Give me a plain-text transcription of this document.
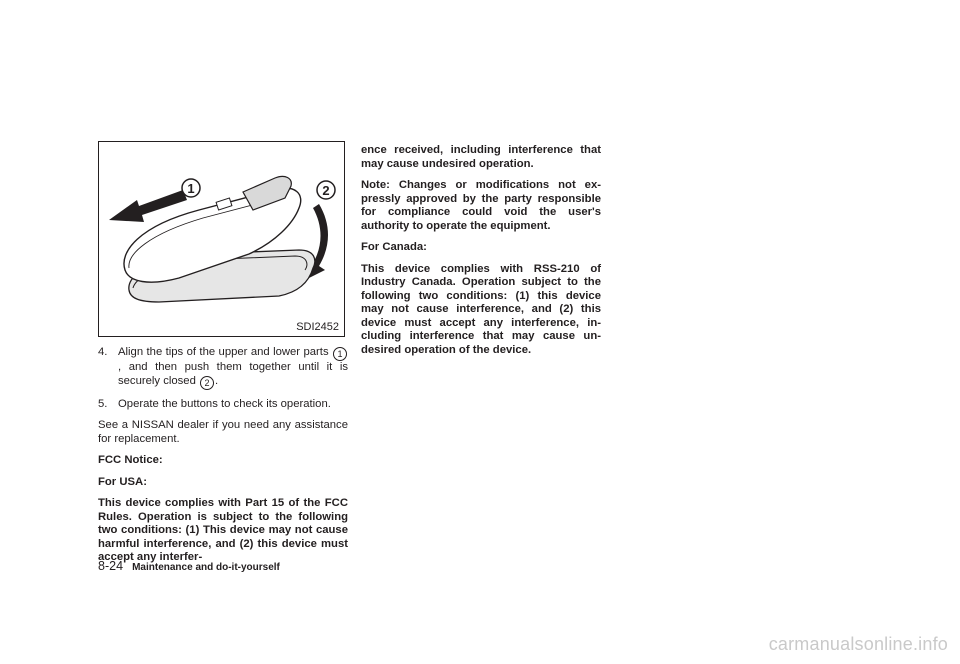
1	2
SDI2452
4. Align the tips of the upper and lower parts 1, and then push them together until it is securely closed 2 .
5. Operate the buttons to check its operation.

See a NISSAN dealer if you need any assistance for replacement.

FCC Notice:

For USA:

This device complies with Part 15 of the FCC Rules. Operation is subject to the following two conditions: (1) This device may not cause harmful interference, and (2) this device must accept any interfer-

ence received, including interference that may cause undesired operation.

Note: Changes or modifications not ex- pressly approved by the party responsible for compliance could void the user's authority to operate the equipment.

For Canada:

This device complies with RSS-210 of Industry Canada. Operation subject to the following two conditions: (1) this device may not cause interference, and (2) this device must accept any interference, in- cluding interference that may cause un- desired operation of the device.

8-24 Maintenance and do-it-yourself
carmanualsonline.info
